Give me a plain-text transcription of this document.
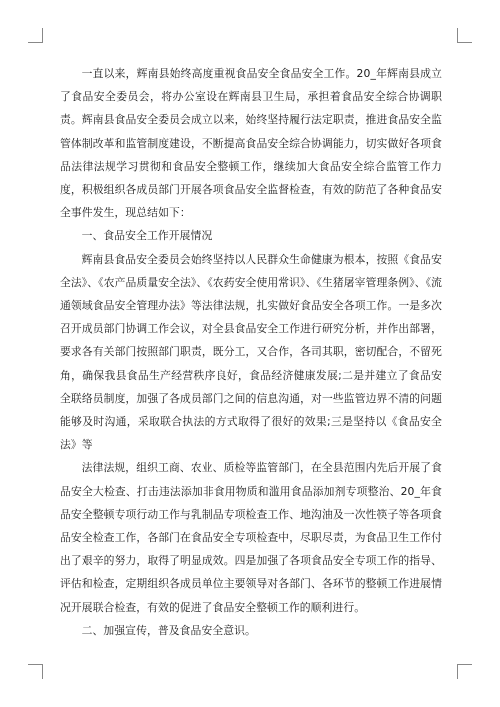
一直以来，辉南县始终高度重视食品安全食品安全工作。20_年辉南县成立了食品安全委员会，将办公室设在辉南县卫生局，承担着食品安全综合协调职责。辉南县食品安全委员会成立以来，始终坚持履行法定职责，推进食品安全监管体制改革和监管制度建设，不断提高食品安全综合协调能力，切实做好各项食品法律法规学习贯彻和食品安全整顿工作，继续加大食品安全综合监管工作力度，积极组织各成员部门开展各项食品安全监督检查，有效的防范了各种食品安全事件发生，现总结如下：

一、食品安全工作开展情况

辉南县食品安全委员会始终坚持以人民群众生命健康为根本，按照《食品安全法》、《农产品质量安全法》、《农药安全使用常识》、《生猪屠宰管理条例》、《流通领域食品安全管理办法》等法律法规，扎实做好食品安全各项工作。一是多次召开成员部门协调工作会议，对全县食品安全工作进行研究分析，并作出部署，要求各有关部门按照部门职责，既分工，又合作，各司其职，密切配合，不留死角，确保我县食品生产经营秩序良好，食品经济健康发展;二是并建立了食品安全联络员制度，加强了各成员部门之间的信息沟通，对一些监管边界不清的问题能够及时沟通，采取联合执法的方式取得了很好的效果;三是坚持以《食品安全法》等

法律法规，组织工商、农业、质检等监管部门，在全县范围内先后开展了食品安全大检查、打击违法添加非食用物质和滥用食品添加剂专项整治、20_年食品安全整顿专项行动工作与乳制品专项检查工作、地沟油及一次性筷子等各项食品安全检查工作，各部门在食品安全专项检查中，尽职尽责，为食品卫生工作付出了艰辛的努力，取得了明显成效。四是加强了各项食品安全专项工作的指导、评估和检查，定期组织各成员单位主要领导对各部门、各环节的整顿工作进展情况开展联合检查，有效的促进了食品安全整顿工作的顺利进行。

二、加强宣传，普及食品安全意识。
